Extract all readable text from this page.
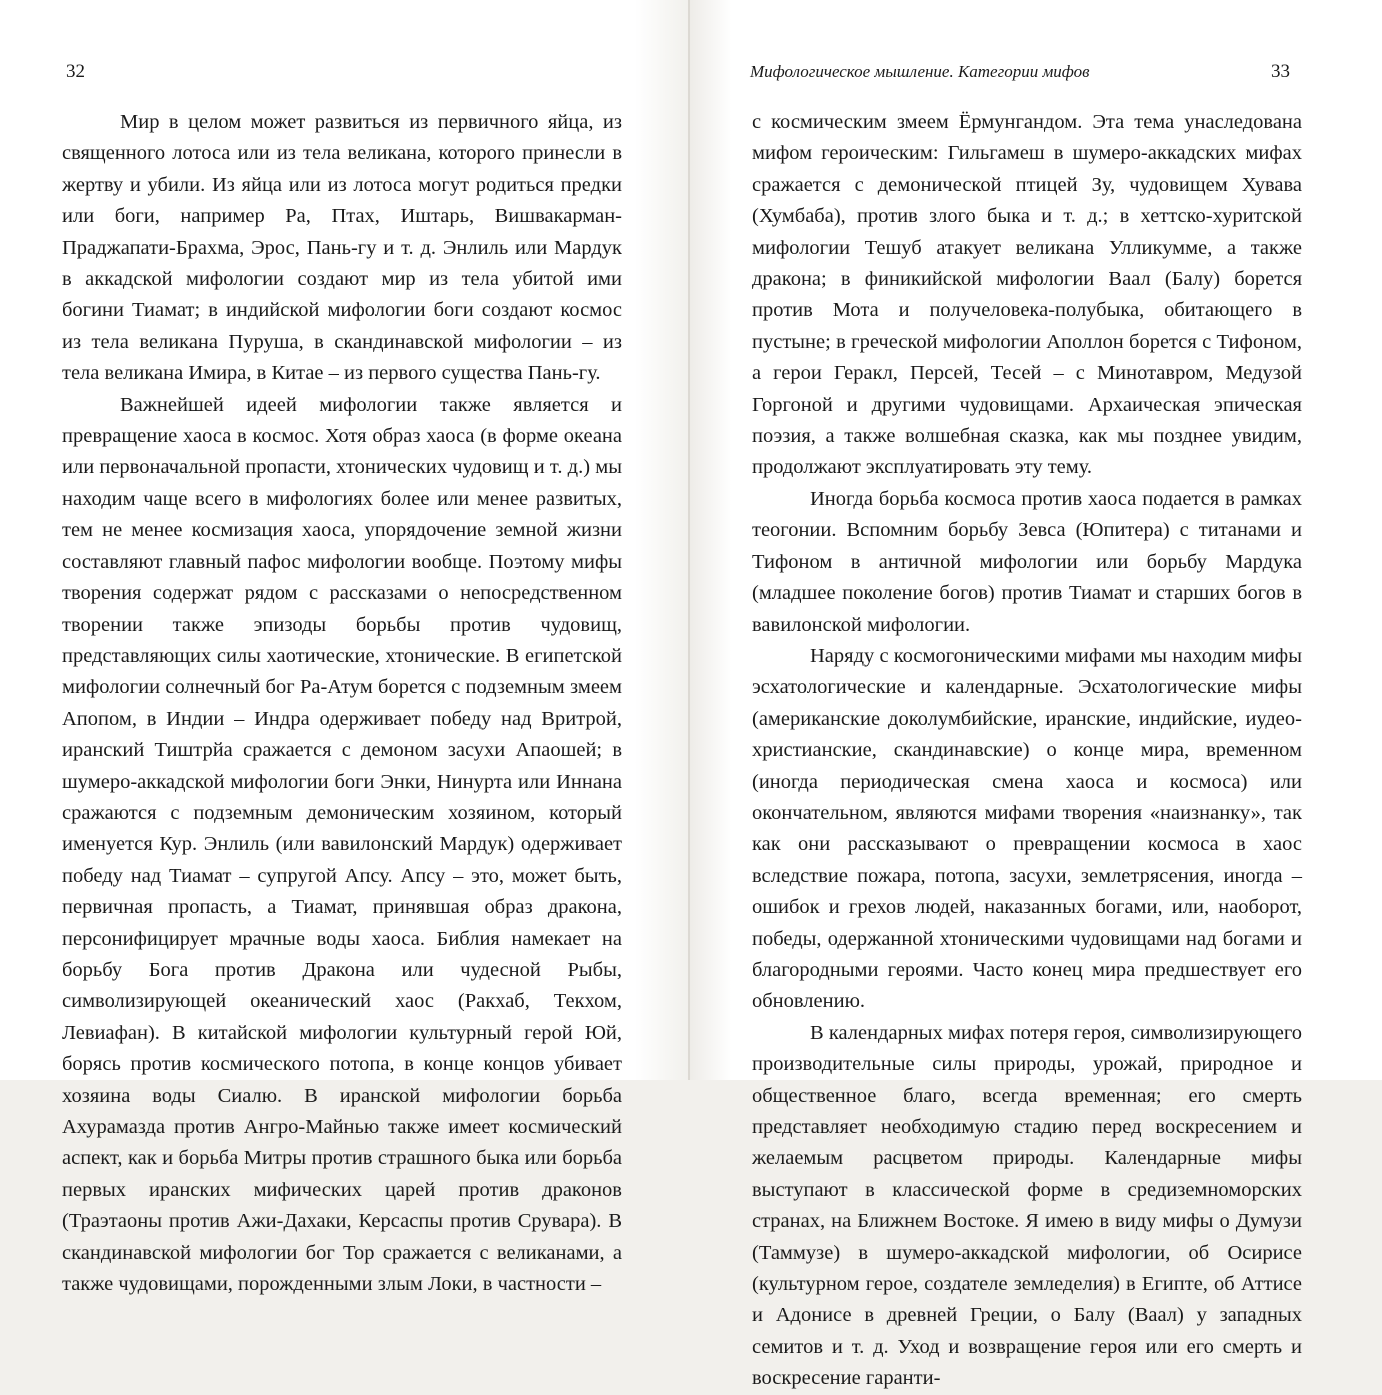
32

Мир в целом может развиться из первичного яйца, из священного лотоса или из тела великана, которого принесли в жертву и убили. Из яйца или из лотоса могут родиться предки или боги, например Ра, Птах, Иштарь, Вишвакарман-Праджапати-Брахма, Эрос, Пань-гу и т. д. Энлиль или Мардук в аккадской мифологии создают мир из тела убитой ими богини Тиамат; в индийской мифологии боги создают космос из тела великана Пуруша, в скандинавской мифологии – из тела великана Имира, в Китае – из первого существа Пань-гу.

Важнейшей идеей мифологии также является и превращение хаоса в космос. Хотя образ хаоса (в форме океана или первоначальной пропасти, хтонических чудовищ и т. д.) мы находим чаще всего в мифологиях более или менее развитых, тем не менее космизация хаоса, упорядочение земной жизни составляют главный пафос мифологии вообще. Поэтому мифы творения содержат рядом с рассказами о непосредственном творении также эпизоды борьбы против чудовищ, представляющих силы хаотические, хтонические. В египетской мифологии солнечный бог Ра-Атум борется с подземным змеем Апопом, в Индии – Индра одерживает победу над Вритрой, иранский Тиштрйа сражается с демоном засухи Апаошей; в шумеро-аккадской мифологии боги Энки, Нинурта или Иннана сражаются с подземным демоническим хозяином, который именуется Кур. Энлиль (или вавилонский Мардук) одерживает победу над Тиамат – супругой Апсу. Апсу – это, может быть, первичная пропасть, а Тиамат, принявшая образ дракона, персонифицирует мрачные воды хаоса. Библия намекает на борьбу Бога против Дракона или чудесной Рыбы, символизирующей океанический хаос (Ракхаб, Текхом, Левиафан). В китайской мифологии культурный герой Юй, борясь против космического потопа, в конце концов убивает хозяина воды Сиалю. В иранской мифологии борьба Ахурамазда против Ангро-Майнью также имеет космический аспект, как и борьба Митры против страшного быка или борьба первых иранских мифических царей против драконов (Траэтаоны против Ажи-Дахаки, Керсаспы против Срувара). В скандинавской мифологии бог Тор сражается с великанами, а также чудовищами, порожденными злым Локи, в частности –

Мифологическое мышление. Категории мифов	33

с космическим змеем Ёрмунгандом. Эта тема унаследована мифом героическим: Гильгамеш в шумеро-аккадских мифах сражается с демонической птицей Зу, чудовищем Хувава (Хумбаба), против злого быка и т. д.; в хеттско-хуритской мифологии Тешуб атакует великана Улликумме, а также дракона; в финикийской мифологии Ваал (Балу) борется против Мота и получеловека-полубыка, обитающего в пустыне; в греческой мифологии Аполлон борется с Тифоном, а герои Геракл, Персей, Тесей – с Минотавром, Медузой Горгоной и другими чудовищами. Архаическая эпическая поэзия, а также волшебная сказка, как мы позднее увидим, продолжают эксплуатировать эту тему.

Иногда борьба космоса против хаоса подается в рамках теогонии. Вспомним борьбу Зевса (Юпитера) с титанами и Тифоном в античной мифологии или борьбу Мардука (младшее поколение богов) против Тиамат и старших богов в вавилонской мифологии.

Наряду с космогоническими мифами мы находим мифы эсхатологические и календарные. Эсхатологические мифы (американские доколумбийские, иранские, индийские, иудео-христианские, скандинавские) о конце мира, временном (иногда периодическая смена хаоса и космоса) или окончательном, являются мифами творения «наизнанку», так как они рассказывают о превращении космоса в хаос вследствие пожара, потопа, засухи, землетрясения, иногда – ошибок и грехов людей, наказанных богами, или, наоборот, победы, одержанной хтоническими чудовищами над богами и благородными героями. Часто конец мира предшествует его обновлению.

В календарных мифах потеря героя, символизирующего производительные силы природы, урожай, природное и общественное благо, всегда временная; его смерть представляет необходимую стадию перед воскресением и желаемым расцветом природы. Календарные мифы выступают в классической форме в средиземноморских странах, на Ближнем Востоке. Я имею в виду мифы о Думузи (Таммузе) в шумеро-аккадской мифологии, об Осирисе (культурном герое, создателе земледелия) в Египте, об Аттисе и Адонисе в древней Греции, о Балу (Ваал) у западных семитов и т. д. Уход и возвращение героя или его смерть и воскресение гаранти-
